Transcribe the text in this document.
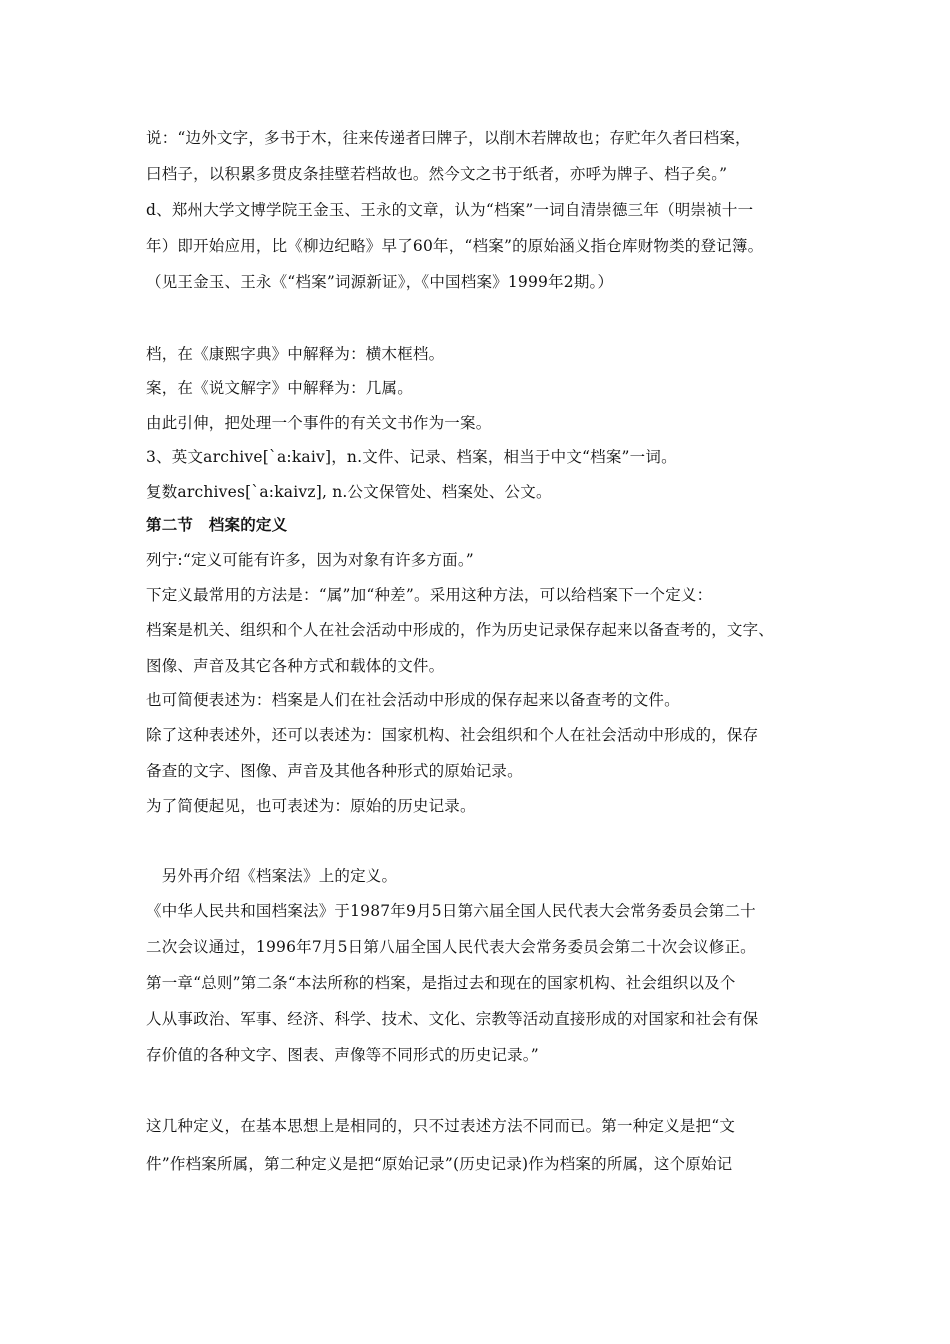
说：“边外文字，多书于木，往来传递者曰牌子，以削木若牌故也；存贮年久者曰档案，
曰档子，以积累多贯皮条挂壁若档故也。然今文之书于纸者，亦呼为牌子、档子矣。”
d、郑州大学文博学院王金玉、王永的文章，认为“档案”一词自清崇德三年（明崇祯十一
年）即开始应用，比《柳边纪略》早了60年，“档案”的原始涵义指仓库财物类的登记簿。
（见王金玉、王永《“档案”词源新证》，《中国档案》1999年2期。）
档，在《康熙字典》中解释为：横木框档。
案，在《说文解字》中解释为：几属。
由此引伸，把处理一个事件的有关文书作为一案。
3、英文archive[`a:kaiv]，n.文件、记录、档案，相当于中文“档案”一词。
复数archives[`a:kaivz], n.公文保管处、档案处、公文。
第二节　档案的定义
列宁:“定义可能有许多，因为对象有许多方面。”
下定义最常用的方法是：“属”加“种差”。采用这种方法，可以给档案下一个定义：
档案是机关、组织和个人在社会活动中形成的，作为历史记录保存起来以备查考的，文字、
图像、声音及其它各种方式和载体的文件。
也可简便表述为：档案是人们在社会活动中形成的保存起来以备查考的文件。
除了这种表述外，还可以表述为：国家机构、社会组织和个人在社会活动中形成的，保存
备查的文字、图像、声音及其他各种形式的原始记录。
为了简便起见，也可表述为：原始的历史记录。
　另外再介绍《档案法》上的定义。
《中华人民共和国档案法》于1987年9月5日第六届全国人民代表大会常务委员会第二十
二次会议通过，1996年7月5日第八届全国人民代表大会常务委员会第二十次会议修正。
第一章“总则”第二条“本法所称的档案，是指过去和现在的国家机构、社会组织以及个
人从事政治、军事、经济、科学、技术、文化、宗教等活动直接形成的对国家和社会有保
存价值的各种文字、图表、声像等不同形式的历史记录。”
这几种定义，在基本思想上是相同的，只不过表述方法不同而已。第一种定义是把“文
件”作档案所属，第二种定义是把“原始记录”(历史记录)作为档案的所属，这个原始记
